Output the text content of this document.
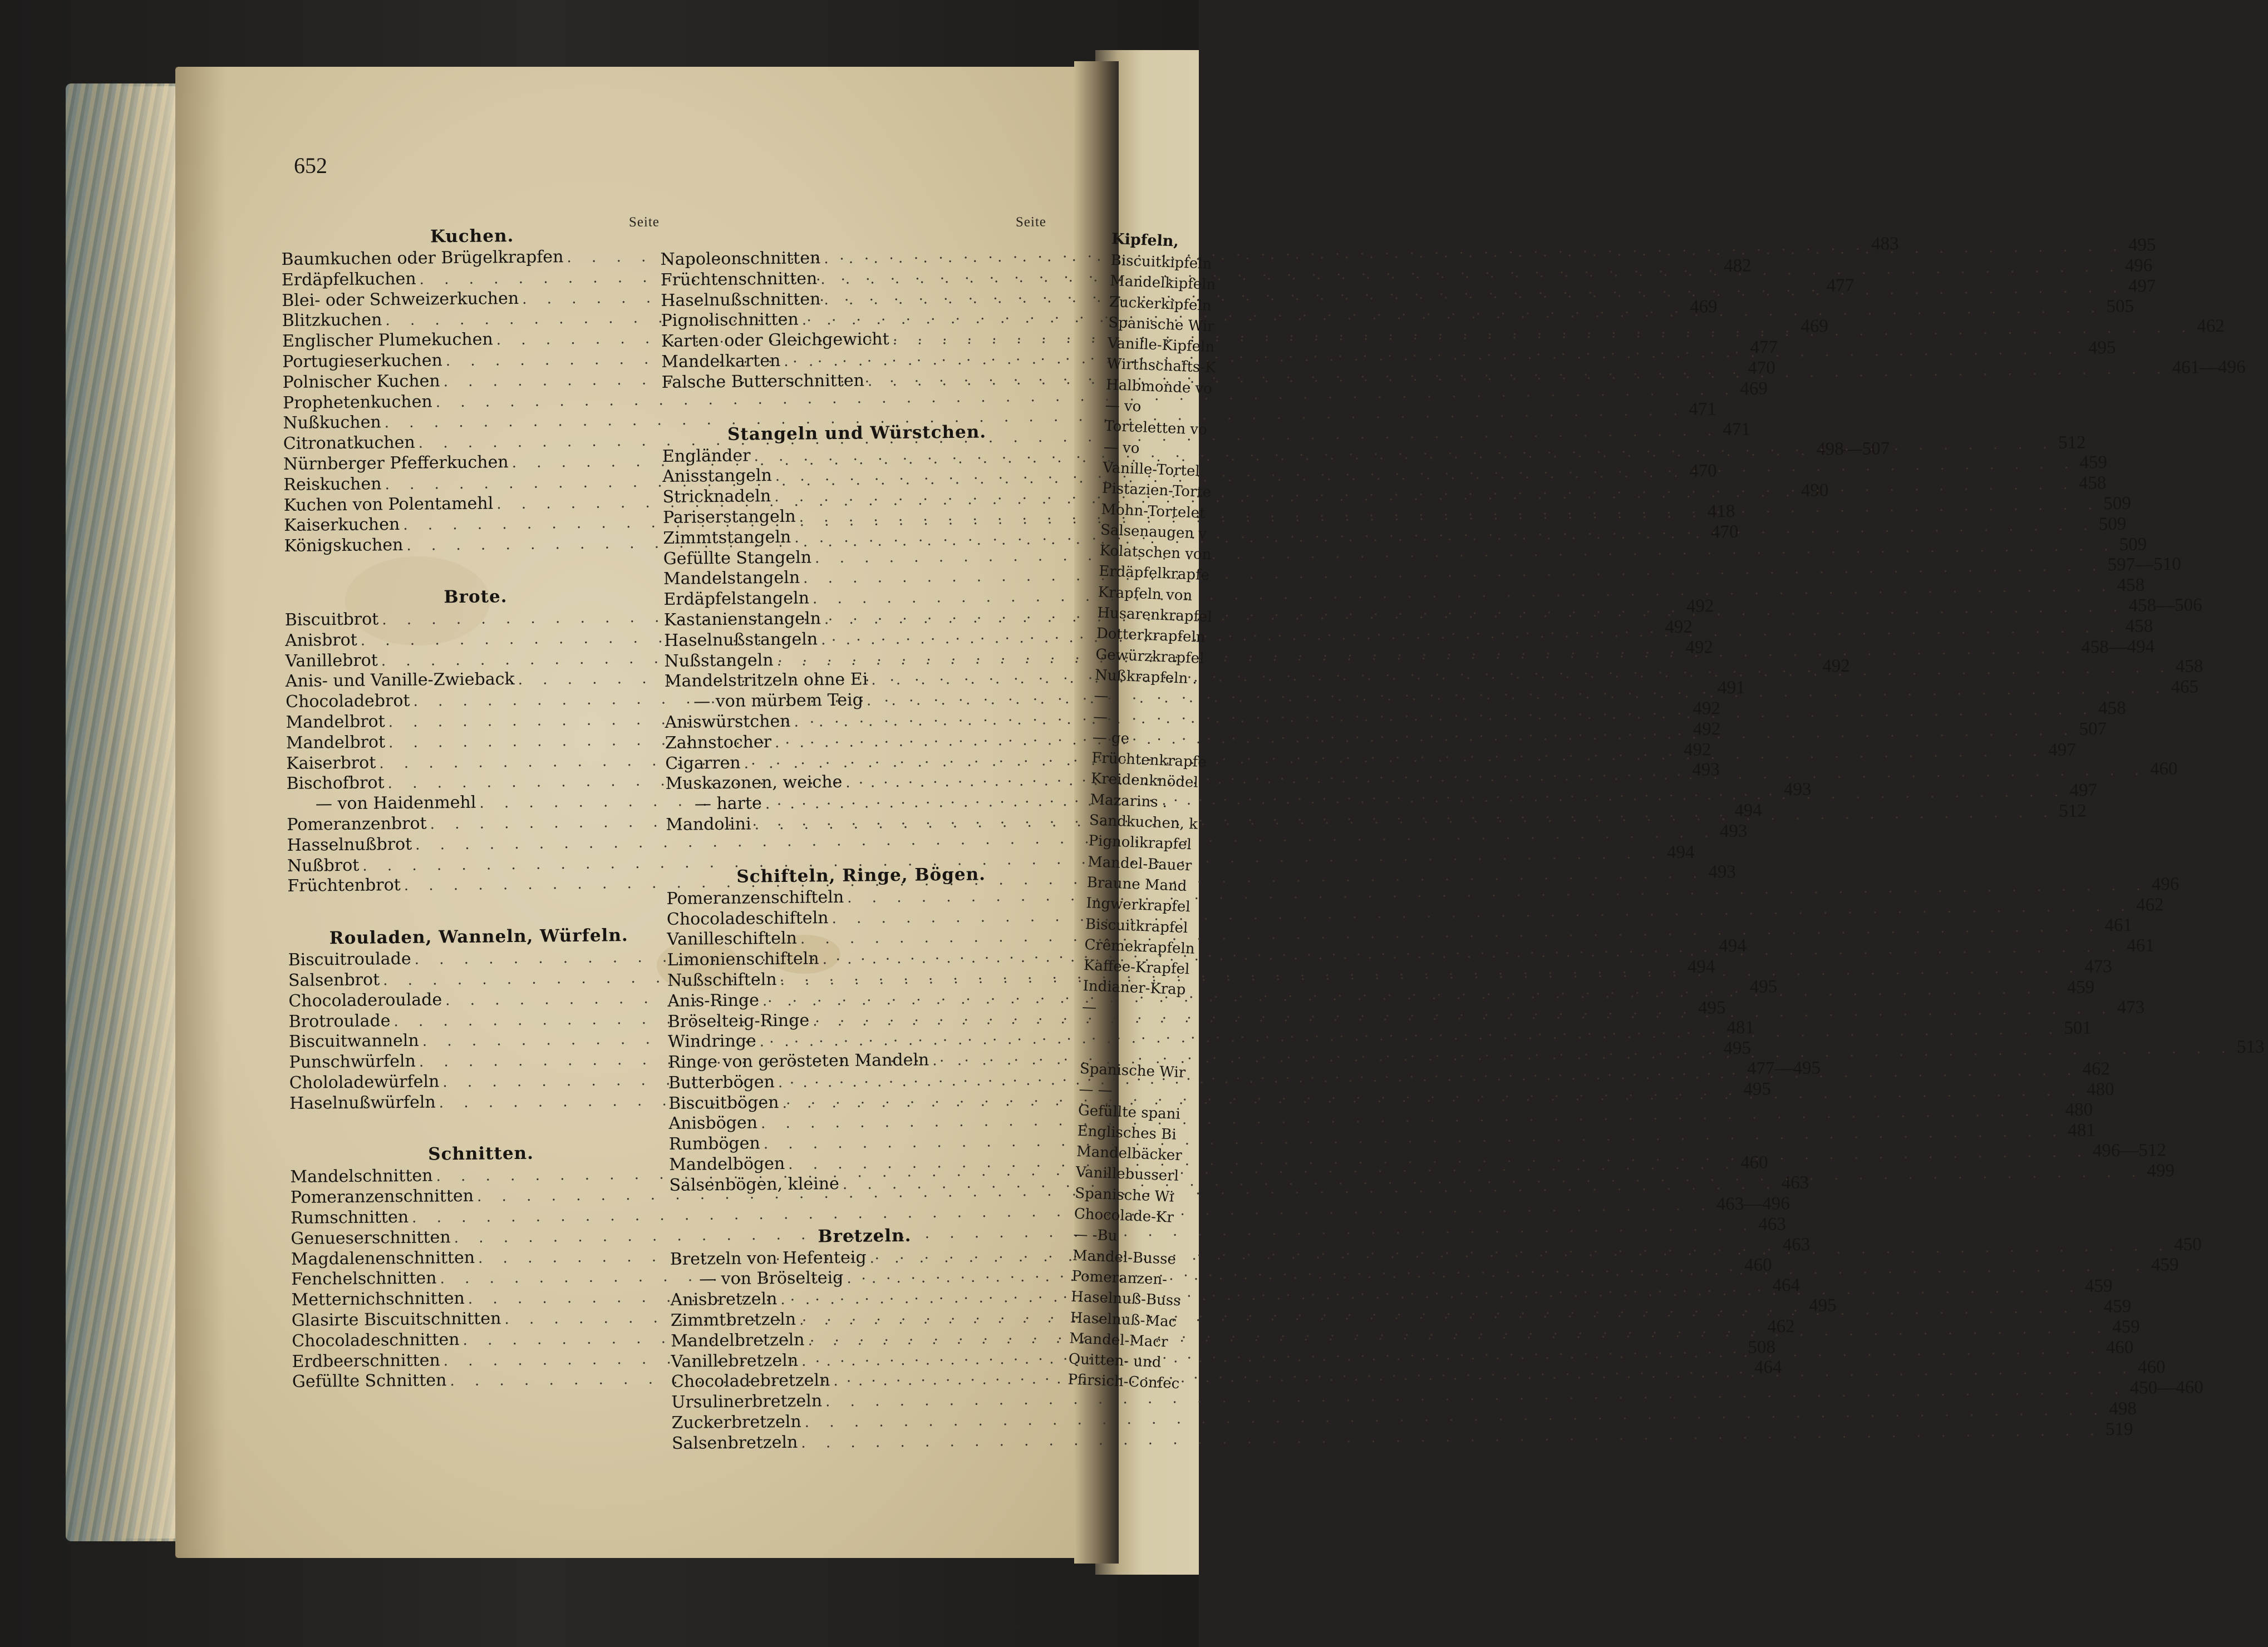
652
Seite
Kuchen.
Baumkuchen oder Brügelkrapfen
. . .
483
Erdäpfelkuchen
. . .
482
Blei- oder Schweizerkuchen
. . .
477
Blitzkuchen
. . .
469
Englischer Plumekuchen
. . .
469
Portugieserkuchen
. . .
477
Polnischer Kuchen
. . .
470
Prophetenkuchen
. . .
469
Nußkuchen
. . .
471
Citronatkuchen
. . .
471
Nürnberger Pfefferkuchen
. . .
498—507
Reiskuchen
. . .
470
Kuchen von Polentamehl
. . .
490
Kaiserkuchen
. . .
418
Königskuchen
. . .
470
Brote.
Biscuitbrot
. . .
492
Anisbrot
. . .
492
Vanillebrot
. . .
492
Anis- und Vanille-Zwieback
. . .
492
Chocoladebrot
. . .
491
Mandelbrot
. . .
492
Mandelbrot
. . .
492
Kaiserbrot
. . .
492
Bischofbrot
. . .
493
— von Haidenmehl
. . .
493
Pomeranzenbrot
. . .
494
Hasselnußbrot
. . .
493
Nußbrot
. . .
494
Früchtenbrot
. . .
493
Rouladen, Wanneln, Würfeln.
Biscuitroulade
. . .
494
Salsenbrot
. . .
494
Chocoladeroulade
. . .
495
Brotroulade
. . .
495
Biscuitwanneln
. . .
481
Punschwürfeln
. . .
495
Chololadewürfeln
. . .
477—495
Haselnußwürfeln
. . .
495
Schnitten.
Mandelschnitten
. . .
460
Pomeranzenschnitten
. . .
463
Rumschnitten
. . .
463—496
Genueserschnitten
. . .
463
Magdalenenschnitten
. . .
463
Fenchelschnitten
. . .
460
Metternichschnitten
. . .
464
Glasirte Biscuitschnitten
. . .
495
Chocoladeschnitten
. . .
462
Erdbeerschnitten
. . .
508
Gefüllte Schnitten
. . .
464
Seite
Napoleonschnitten
. . .
495
Früchtenschnitten
. . .
496
Haselnußschnitten
. . .
497
Pignolischnitten
. . .
505
Karten oder Gleichgewicht
. . .
462
Mandelkarten
. . .
495
Falsche Butterschnitten
. . .
461—496
Stangeln und Würstchen.
Engländer
. . .
512
Anisstangeln
. . .
459
Stricknadeln
. . .
458
Pariserstangeln
. . .
509
Zimmtstangeln
. . .
509
Gefüllte Stangeln
. . .
509
Mandelstangeln
. . .
597—510
Erdäpfelstangeln
. . .
458
Kastanienstangeln
. . .
458—506
Haselnußstangeln
. . .
458
Nußstangeln
. . .
458—494
Mandelstritzeln ohne Ei
. . .
458
— von mürbem Teig
. . .
465
Aniswürstchen
. . .
458
Zahnstocher
. . .
507
Cigarren
. . .
497
Muskazonen, weiche
. . .
460
— harte
. . .
497
Mandolini
. . .
512
Schifteln, Ringe, Bögen.
Pomeranzenschifteln
. . .
496
Chocoladeschifteln
. . .
462
Vanilleschifteln
. . .
461
Limonienschifteln
. . .
461
Nußschifteln
. . .
473
Anis-Ringe
. . .
459
Bröselteig-Ringe
. . .
473
Windringe
. . .
501
Ringe von gerösteten Mandeln
. . .
513
Butterbögen
. . .
462
Biscuitbögen
. . .
480
Anisbögen
. . .
480
Rumbögen
. . .
481
Mandelbögen
. . .
496—512
Salsenbögen, kleine
. . .
499
Bretzeln.
Bretzeln von Hefenteig
. . .
450
— von Bröselteig
. . .
459
Anisbretzeln
. . .
459
Zimmtbretzeln
. . .
459
Mandelbretzeln
. . .
459
Vanillebretzeln
. . .
460
Chocoladebretzeln
. . .
460
Ursulinerbretzeln
. . .
450—460
Zuckerbretzeln
. . .
498
Salsenbretzeln
. . .
519
Kipfeln,
Biscuitkipfeln
Mandelkipfeln
Zuckerkipfeln
Spanische Wir
Vanille-Kipfeln
Wirthschafts-K
Halbmonde vo
— vo
Torteletten vo
— vo
Vanille-Tortel
Pistazien-Torte
Mohn-Tortelet
Salsenaugen v
Kolatschen von
Erdäpfelkrapfe
Krapfeln von
Husarenkrapfel
Dotterkrapfeln
Gewürzkrapfel
Nußkrapfeln .
—
—
— ge
Früchtenkrapfe
Kreidenknödel
Mazarins .
Sandkuchen, k
Pignolikrapfel
Mandel-Bauer
Braune Mand
Ingwerkrapfel
Biscuitkrapfel
Crêmekrapfeln
Kaffee-Krapfel
Indianer-Krap
—
Spanische Wir
— —
Gefüllte spani
Englisches Bi
Mandelbäcker
Vanillebusserl
Spanische Wi
Chocolade-Kr
— -Bu
Mandel-Busse
Pomeranzen-
Haselnuß-Buss
Haselnuß-Mac
Mandel-Macr
Quitten- und
Pfirsich-Confec
